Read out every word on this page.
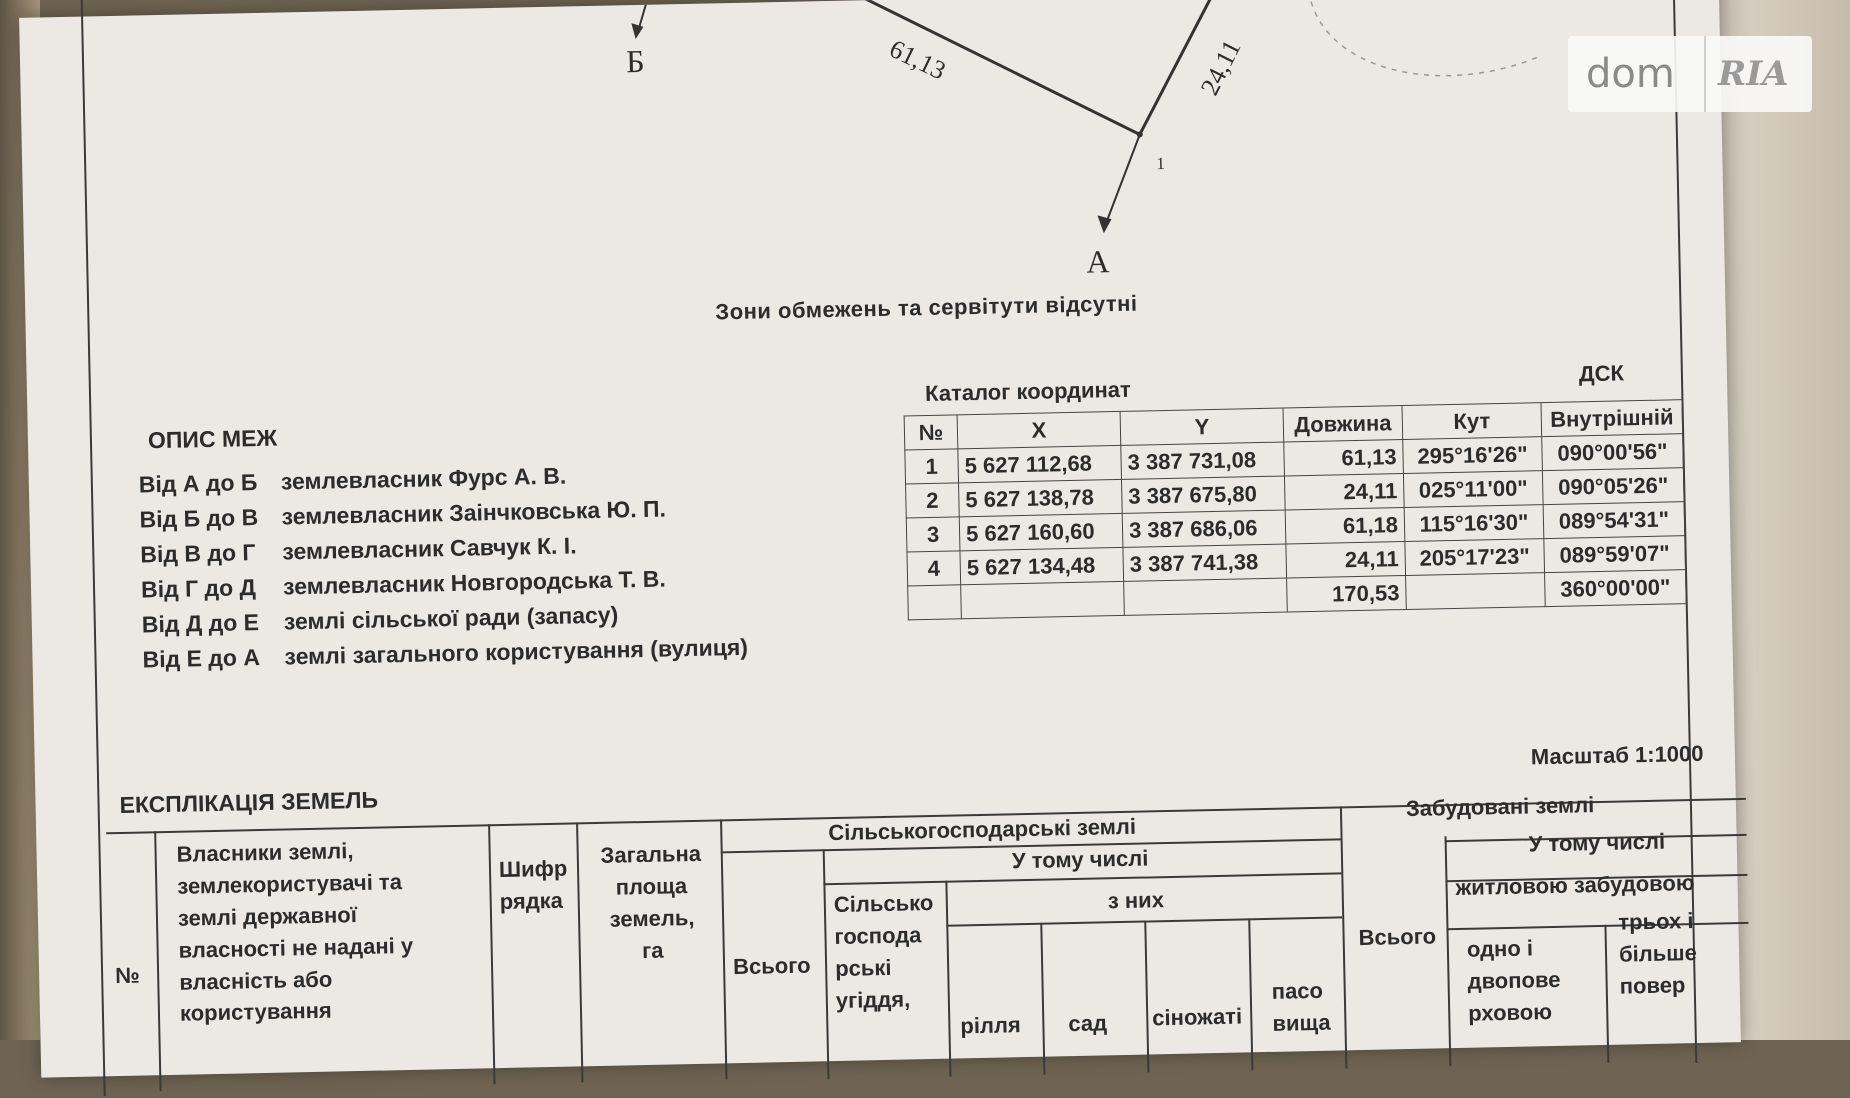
Б
А
1
61,13	24,11
Зони обмежень та сервітути відсутні
ОПИС МЕЖ
Від А до Б землевласник Фурс А. В.
Від Б до В землевласник Заінчковська Ю. П.
Від В до Г	землевласник Савчук К. І.
Від Г до Д	землевласник Новгородська Т. В.
Від Д до Е	землі сільської ради (запасу)
Від Е до А	землі загального користування (вулиця)
Каталог координат
ДСК
№	X	Y	Довжина	Кут	Внутрішній
1	5 627 112,68	3 387 731,08	61,13	295°16'26"	090°00'56"
2	5 627 138,78	3 387 675,80	24,11	025°11'00"	090°05'26"
3	5 627 160,60	3 387 686,06	61,18	115°16'30"	089°54'31"
4	5 627 134,48	3 387 741,38	24,11	205°17'23"	089°59'07"
			170,53		360°00'00"
Масштаб 1:1000
ЕКСПЛІКАЦІЯ ЗЕМЕЛЬ
№
Власники землі,
землекористувачі та
землі державної
власності не надані у
власність або
користування
Шифр
рядка
Загальна
площа
земель,
га
Сільськогосподарські землі
У тому числі
Всього
Сільсько
господа
рські
угіддя,
з них
рілля сад сіножаті
пасо
вища
Забудовані землі
Всього
У тому числі
житловою забудовою
одно і
двопове
рховою
трьох і
більше
повер
dom	RIA
